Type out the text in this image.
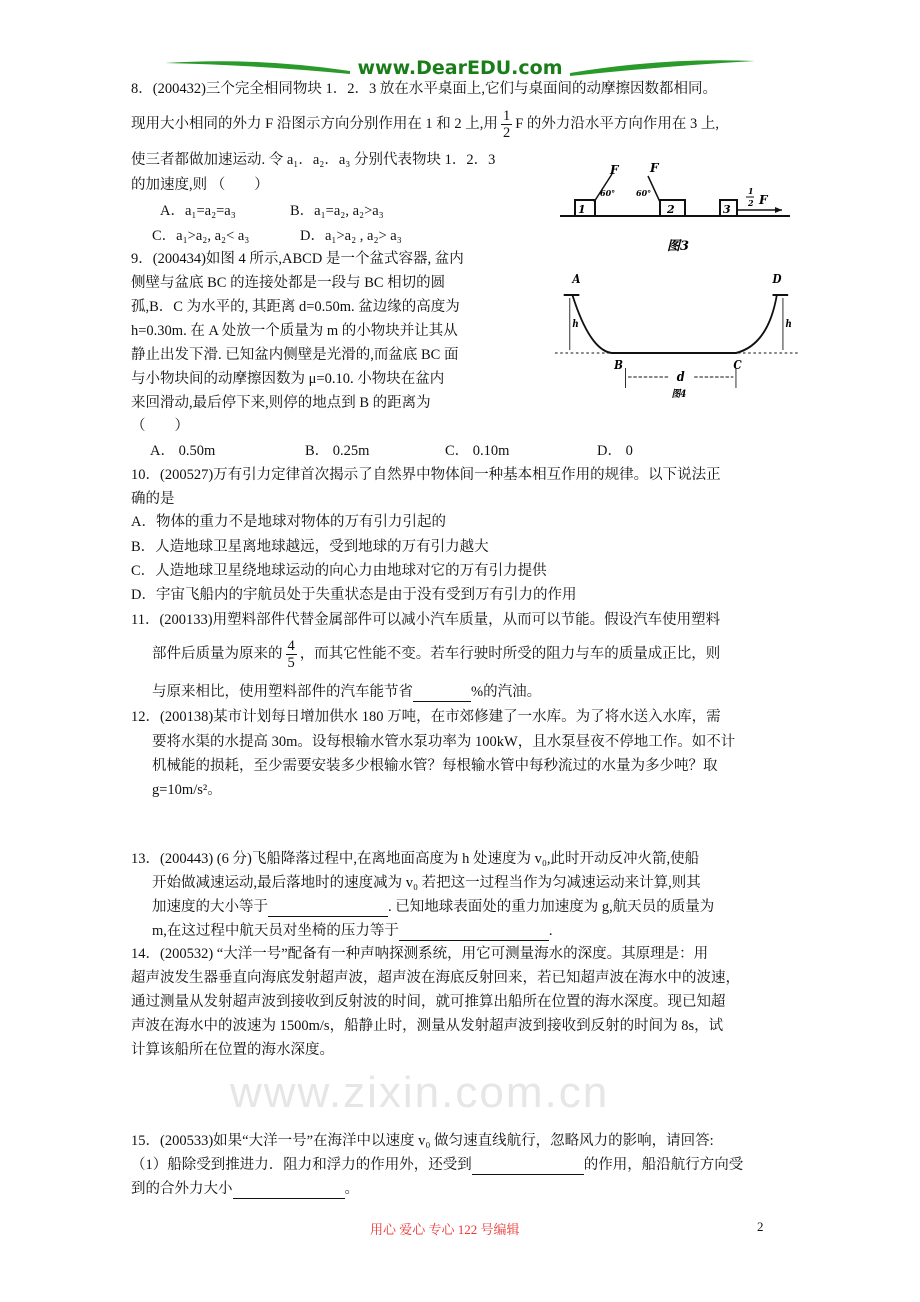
www.DearEDU.com
www.zixin.com.cn
8．(200432)三个完全相同物块 1．2．3 放在水平桌面上,它们与桌面间的动摩擦因数都相同。
现用大小相同的外力 F 沿图示方向分别作用在 1 和 2 上,用 $\frac{1}{2}$ F 的外力沿水平方向作用在 3 上,
使三者都做加速运动. 令 a₁．a₂．a₃ 分别代表物块 1．2．3
的加速度,则 （　　）
A．a₁=a₂=a₃	B．a₁=a₂, a₂>a₃
C．a₁>a₂, a₂< a₃	D．a₁>a₂ , a₂> a₃
1	2	3
F	F
60°	60°	1
2 F
图3
9．(200434)如图 4 所示,ABCD 是一个盆式容器, 盆内
侧壁与盆底 BC 的连接处都是一段与 BC 相切的圆
孤,B．C 为水平的, 其距离 d=0.50m. 盆边缘的高度为
h=0.30m. 在 A 处放一个质量为 m 的小物块并让其从
静止出发下滑. 已知盆内侧壁是光滑的,而盆底 BC 面
与小物块间的动摩擦因数为 μ=0.10. 小物块在盆内
来回滑动,最后停下来,则停的地点到 B 的距离为
（　　）
A． 0.50m	B． 0.25m	C． 0.10m	D． 0
A
B	C
D
h	h
d
图4
10．(200527)万有引力定律首次揭示了自然界中物体间一种基本相互作用的规律。以下说法正
确的是
A．物体的重力不是地球对物体的万有引力引起的
B．人造地球卫星离地球越远，受到地球的万有引力越大
C．人造地球卫星绕地球运动的向心力由地球对它的万有引力提供
D．宇宙飞船内的宇航员处于失重状态是由于没有受到万有引力的作用
11．(200133)用塑料部件代替金属部件可以减小汽车质量，从而可以节能。假设汽车使用塑料
部件后质量为原来的 $\frac{4}{5}$ ，而其它性能不变。若车行驶时所受的阻力与车的质量成正比，则
与原来相比，使用塑料部件的汽车能节省	%的汽油。
12．(200138)某市计划每日增加供水 180 万吨，在市郊修建了一水库。为了将水送入水库，需
要将水渠的水提高 30m。设每根输水管水泵功率为 100kW，且水泵昼夜不停地工作。如不计
机械能的损耗，至少需要安装多少根输水管？每根输水管中每秒流过的水量为多少吨？取
g=10m/s²。
13．(200443) (6 分)飞船降落过程中,在离地面高度为 h 处速度为 v₀,此时开动反冲火箭,使船
开始做减速运动,最后落地时的速度减为 v₀ 若把这一过程当作为匀减速运动来计算,则其
加速度的大小等于	. 已知地球表面处的重力加速度为 g,航天员的质量为
m,在这过程中航天员对坐椅的压力等于	.
14．(200532) “大洋一号”配备有一种声呐探测系统，用它可测量海水的深度。其原理是：用
超声波发生器垂直向海底发射超声波，超声波在海底反射回来，若已知超声波在海水中的波速，
通过测量从发射超声波到接收到反射波的时间，就可推算出船所在位置的海水深度。现已知超
声波在海水中的波速为 1500m/s，船静止时，测量从发射超声波到接收到反射的时间为 8s，试
计算该船所在位置的海水深度。
15．(200533)如果“大洋一号”在海洋中以速度 v₀ 做匀速直线航行，忽略风力的影响，请回答:
（1）船除受到推进力．阻力和浮力的作用外，还受到	的作用，船沿航行方向受
到的合外力大小	。
用心 爱心 专心 122 号编辑	2
